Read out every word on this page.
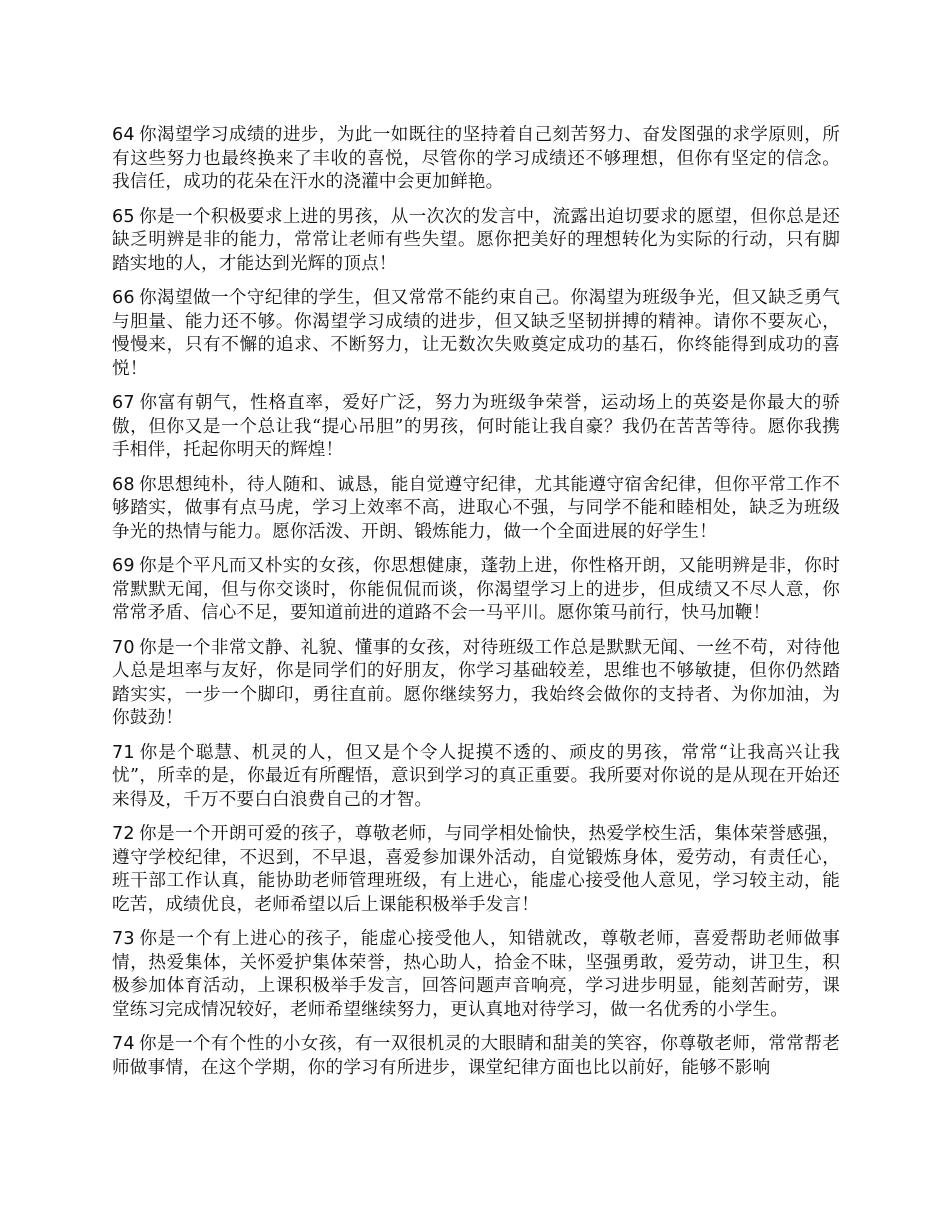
64 你渴望学习成绩的进步，为此一如既往的坚持着自己刻苦努力、奋发图强的求学原则，所有这些努力也最终换来了丰收的喜悦，尽管你的学习成绩还不够理想，但你有坚定的信念。我信任，成功的花朵在汗水的浇灌中会更加鲜艳。

65 你是一个积极要求上进的男孩，从一次次的发言中，流露出迫切要求的愿望，但你总是还缺乏明辨是非的能力，常常让老师有些失望。愿你把美好的理想转化为实际的行动，只有脚踏实地的人，才能达到光辉的顶点！

66 你渴望做一个守纪律的学生，但又常常不能约束自己。你渴望为班级争光，但又缺乏勇气与胆量、能力还不够。你渴望学习成绩的进步，但又缺乏坚韧拼搏的精神。请你不要灰心，慢慢来，只有不懈的追求、不断努力，让无数次失败奠定成功的基石，你终能得到成功的喜悦！

67 你富有朝气，性格直率，爱好广泛，努力为班级争荣誉，运动场上的英姿是你最大的骄傲，但你又是一个总让我“提心吊胆”的男孩，何时能让我自豪？我仍在苦苦等待。愿你我携手相伴，托起你明天的辉煌！

68 你思想纯朴，待人随和、诚恳，能自觉遵守纪律，尤其能遵守宿舍纪律，但你平常工作不够踏实，做事有点马虎，学习上效率不高，进取心不强，与同学不能和睦相处，缺乏为班级争光的热情与能力。愿你活泼、开朗、锻炼能力，做一个全面进展的好学生！

69 你是个平凡而又朴实的女孩，你思想健康，蓬勃上进，你性格开朗，又能明辨是非，你时常默默无闻，但与你交谈时，你能侃侃而谈，你渴望学习上的进步，但成绩又不尽人意，你常常矛盾、信心不足，要知道前进的道路不会一马平川。愿你策马前行，快马加鞭！

70 你是一个非常文静、礼貌、懂事的女孩，对待班级工作总是默默无闻、一丝不苟，对待他人总是坦率与友好，你是同学们的好朋友，你学习基础较差，思维也不够敏捷，但你仍然踏踏实实，一步一个脚印，勇往直前。愿你继续努力，我始终会做你的支持者、为你加油，为你鼓劲！

71 你是个聪慧、机灵的人，但又是个令人捉摸不透的、顽皮的男孩，常常“让我高兴让我忧”，所幸的是，你最近有所醒悟，意识到学习的真正重要。我所要对你说的是从现在开始还来得及，千万不要白白浪费自己的才智。

72 你是一个开朗可爱的孩子，尊敬老师，与同学相处愉快，热爱学校生活，集体荣誉感强，遵守学校纪律，不迟到，不早退，喜爱参加课外活动，自觉锻炼身体，爱劳动，有责任心，班干部工作认真，能协助老师管理班级，有上进心，能虚心接受他人意见，学习较主动，能吃苦，成绩优良，老师希望以后上课能积极举手发言！

73 你是一个有上进心的孩子，能虚心接受他人，知错就改，尊敬老师，喜爱帮助老师做事情，热爱集体，关怀爱护集体荣誉，热心助人，拾金不昧，坚强勇敢，爱劳动，讲卫生，积极参加体育活动，上课积极举手发言，回答问题声音响亮，学习进步明显，能刻苦耐劳，课堂练习完成情况较好，老师希望继续努力，更认真地对待学习，做一名优秀的小学生。

74 你是一个有个性的小女孩，有一双很机灵的大眼睛和甜美的笑容，你尊敬老师，常常帮老师做事情，在这个学期，你的学习有所进步，课堂纪律方面也比以前好，能够不影响
